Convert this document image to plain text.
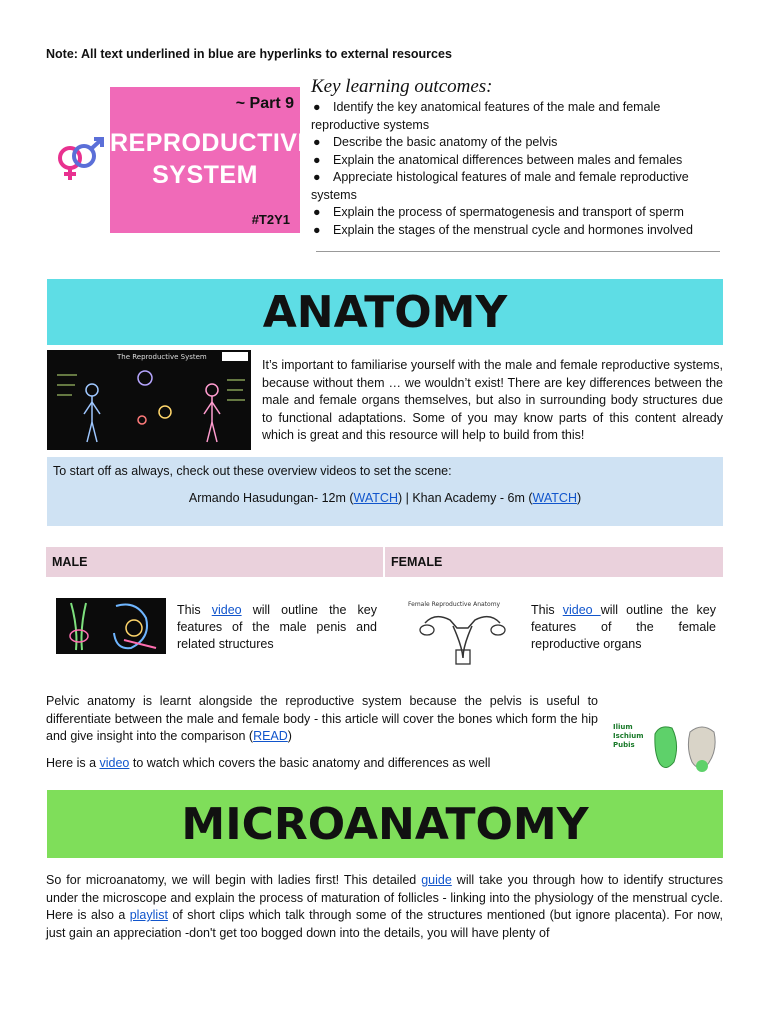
Note: All text underlined in blue are hyperlinks to external resources
~ Part 9
REPRODUCTIVE
SYSTEM
#T2Y1
Key learning outcomes:
● Identify the key anatomical features of the male and female reproductive systems
● Describe the basic anatomy of the pelvis
● Explain the anatomical differences between males and females
● Appreciate histological features of male and female reproductive systems
● Explain the process of spermatogenesis and transport of sperm
● Explain the stages of the menstrual cycle and hormones involved
ANATOMY
The Reproductive System
It’s important to familiarise yourself with the male and female reproductive systems, because without them … we wouldn’t exist! There are key differences between the male and female organs themselves, but also in surrounding body structures due to functional adaptations. Some of you may know parts of this content already which is great and this resource will help to build from this!
To start off as always, check out these overview videos to set the scene:
Armando Hasudungan- 12m (WATCH) | Khan Academy - 6m (WATCH)
MALE	FEMALE
This video will outline the key features of the male penis and related structures
Female Reproductive Anatomy This video will outline the key features of the female reproductive organs
Pelvic anatomy is learnt alongside the reproductive system because the pelvis is useful to differentiate between the male and female body - this article will cover the bones which form the hip and give insight into the comparison (READ)
Here is a video to watch which covers the basic anatomy and differences as well
Ilium
Ischium
Pubis
MICROANATOMY
So for microanatomy, we will begin with ladies first! This detailed guide will take you through how to identify structures under the microscope and explain the process of maturation of follicles - linking into the physiology of the menstrual cycle. Here is also a playlist of short clips which talk through some of the structures mentioned (but ignore placenta). For now, just gain an appreciation -don't get too bogged down into the details, you will have plenty of
